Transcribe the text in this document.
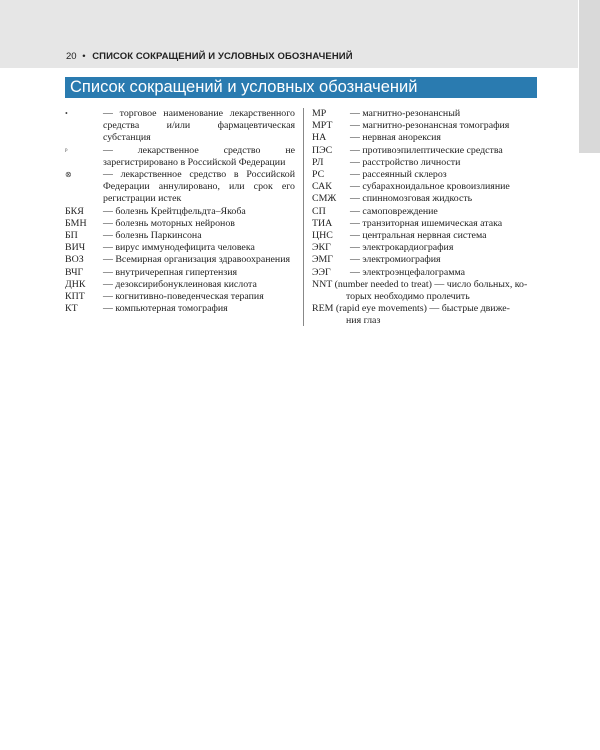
20 • СПИСОК СОКРАЩЕНИЙ И УСЛОВНЫХ ОБОЗНАЧЕНИЙ
Список сокращений и условных обозначений
•	— торговое наименование лекарственного средства и/или фармацевтическая субстанция
ᵖ	— лекарственное средство не зарегистрировано в Российской Федерации
⊗	— лекарственное средство в Российской Федерации аннулировано, или срок его регистрации истек
БКЯ — болезнь Крейтцфельдта–Якоба
БМН — болезнь моторных нейронов
БП	— болезнь Паркинсона
ВИЧ — вирус иммунодефицита человека
ВОЗ — Всемирная организация здравоохранения
ВЧГ — внутричерепная гипертензия
ДНК — дезоксирибонуклеиновая кислота
КПТ — когнитивно-поведенческая терапия
КТ	— компьютерная томография
МР — магнитно-резонансный
МРТ — магнитно-резонансная томография
НА — нервная анорексия
ПЭС — противоэпилептические средства
РЛ	— расстройство личности
РС	— рассеянный склероз
САК — субарахноидальное кровоизлияние
СМЖ — спинномозговая жидкость
СП — самоповреждение
ТИА — транзиторная ишемическая атака
ЦНС — центральная нервная система
ЭКГ — электрокардиография
ЭМГ — электромиография
ЭЭГ — электроэнцефалограмма
NNT (number needed to treat) — число больных, ко-
торых необходимо пролечить
REM (rapid eye movements) — быстрые движе-
ния глаз
